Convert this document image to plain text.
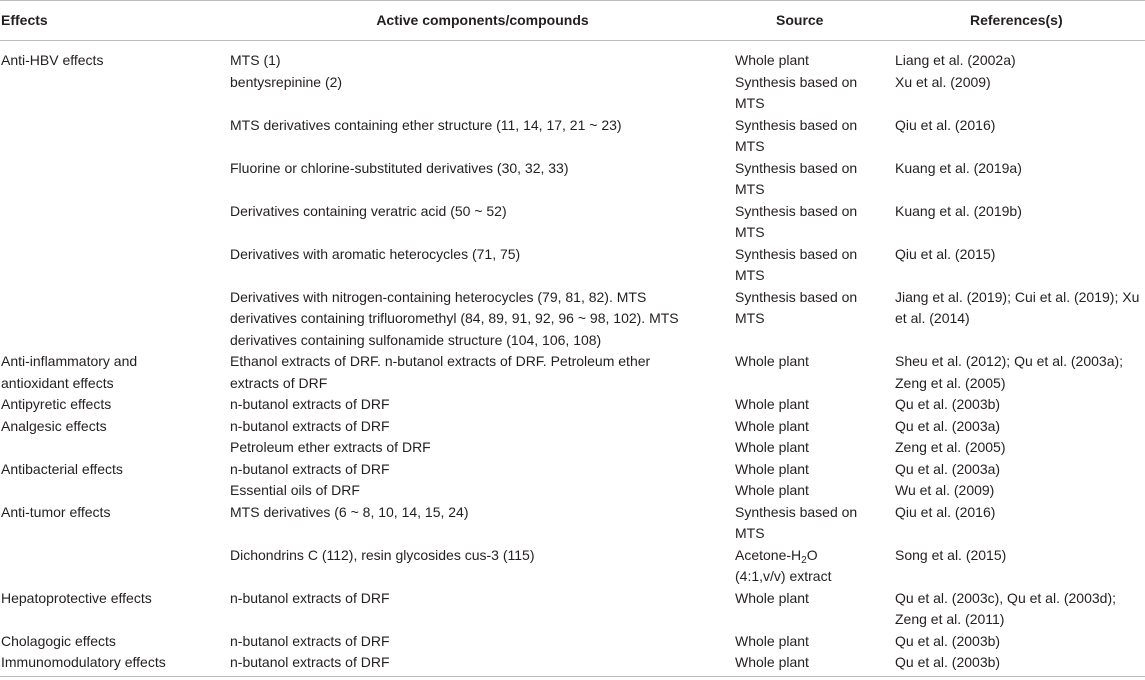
Effects	Active components/compounds	Source	References(s)
Anti-HBV effects	MTS (1)	Whole plant	Liang et al. (2002a)
	bentysrepinine (2)	Synthesis based on MTS	Xu et al. (2009)
	MTS derivatives containing ether structure (11, 14, 17, 21 ~ 23)	Synthesis based on MTS	Qiu et al. (2016)
	Fluorine or chlorine-substituted derivatives (30, 32, 33)	Synthesis based on MTS	Kuang et al. (2019a)
	Derivatives containing veratric acid (50 ~ 52)	Synthesis based on MTS	Kuang et al. (2019b)
	Derivatives with aromatic heterocycles (71, 75)	Synthesis based on MTS	Qiu et al. (2015)
	Derivatives with nitrogen-containing heterocycles (79, 81, 82). MTS derivatives containing trifluoromethyl (84, 89, 91, 92, 96 ~ 98, 102). MTS derivatives containing sulfonamide structure (104, 106, 108)	Synthesis based on MTS	Jiang et al. (2019); Cui et al. (2019); Xu et al. (2014)
Anti-inflammatory and antioxidant effects	Ethanol extracts of DRF. n-butanol extracts of DRF. Petroleum ether extracts of DRF	Whole plant	Sheu et al. (2012); Qu et al. (2003a); Zeng et al. (2005)
Antipyretic effects	n-butanol extracts of DRF	Whole plant	Qu et al. (2003b)
Analgesic effects	n-butanol extracts of DRF	Whole plant	Qu et al. (2003a)
	Petroleum ether extracts of DRF	Whole plant	Zeng et al. (2005)
Antibacterial effects	n-butanol extracts of DRF	Whole plant	Qu et al. (2003a)
	Essential oils of DRF	Whole plant	Wu et al. (2009)
Anti-tumor effects	MTS derivatives (6 ~ 8, 10, 14, 15, 24)	Synthesis based on MTS	Qiu et al. (2016)
	Dichondrins C (112), resin glycosides cus-3 (115)	Acetone-$H_2O$ (4:1,v/v) extract	Song et al. (2015)
Hepatoprotective effects	n-butanol extracts of DRF	Whole plant	Qu et al. (2003c), Qu et al. (2003d); Zeng et al. (2011)
Cholagogic effects	n-butanol extracts of DRF	Whole plant	Qu et al. (2003b)
Immunomodulatory effects	n-butanol extracts of DRF	Whole plant	Qu et al. (2003b)
